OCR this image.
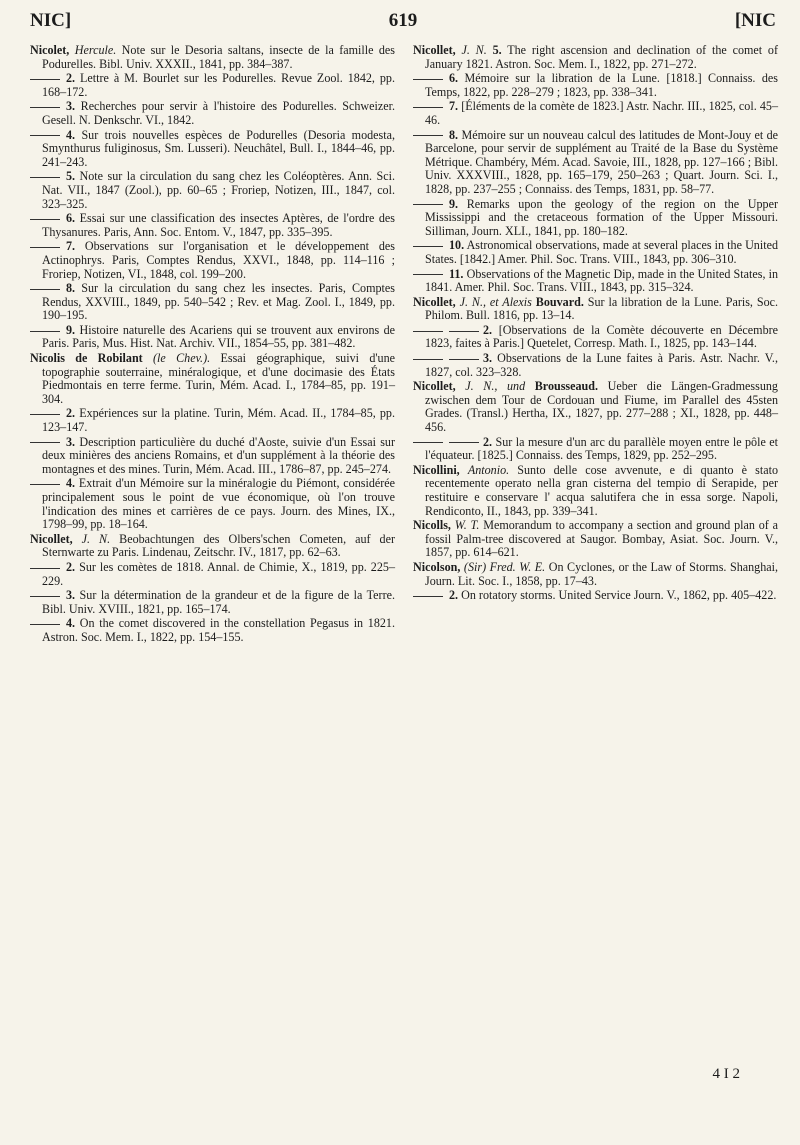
NIC]	619	[NIC
Nicolet, Hercule. Note sur le Desoria saltans, insecte de la famille des Podurelles. Bibl. Univ. XXXII., 1841, pp. 384–387.
2. Lettre à M. Bourlet sur les Podurelles. Revue Zool. 1842, pp. 168–172.
3. Recherches pour servir à l'histoire des Podurelles. Schweizer. Gesell. N. Denkschr. VI., 1842.
4. Sur trois nouvelles espèces de Podurelles (Desoria modesta, Smynthurus fuliginosus, Sm. Lusseri). Neuchâtel, Bull. I., 1844–46, pp. 241–243.
5. Note sur la circulation du sang chez les Coléoptères. Ann. Sci. Nat. VII., 1847 (Zool.), pp. 60–65 ; Froriep, Notizen, III., 1847, col. 323–325.
6. Essai sur une classification des insectes Aptères, de l'ordre des Thysanures. Paris, Ann. Soc. Entom. V., 1847, pp. 335–395.
7. Observations sur l'organisation et le développement des Actinophrys. Paris, Comptes Rendus, XXVI., 1848, pp. 114–116 ; Froriep, Notizen, VI., 1848, col. 199–200.
8. Sur la circulation du sang chez les insectes. Paris, Comptes Rendus, XXVIII., 1849, pp. 540–542 ; Rev. et Mag. Zool. I., 1849, pp. 190–195.
9. Histoire naturelle des Acariens qui se trouvent aux environs de Paris. Paris, Mus. Hist. Nat. Archiv. VII., 1854–55, pp. 381–482.
Nicolis de Robilant (le Chev.). Essai géographique, suivi d'une topographie souterraine, minéralogique, et d'une docimasie des États Piedmontais en terre ferme. Turin, Mém. Acad. I., 1784–85, pp. 191–304.
2. Expériences sur la platine. Turin, Mém. Acad. II., 1784–85, pp. 123–147.
3. Description particulière du duché d'Aoste, suivie d'un Essai sur deux minières des anciens Romains, et d'un supplément à la théorie des montagnes et des mines. Turin, Mém. Acad. III., 1786–87, pp. 245–274.
4. Extrait d'un Mémoire sur la minéralogie du Piémont, considérée principalement sous le point de vue économique, où l'on trouve l'indication des mines et carrières de ce pays. Journ. des Mines, IX., 1798–99, pp. 18–164.
Nicollet, J. N. Beobachtungen des Olbers'schen Cometen, auf der Sternwarte zu Paris. Lindenau, Zeitschr. IV., 1817, pp. 62–63.
2. Sur les comètes de 1818. Annal. de Chimie, X., 1819, pp. 225–229.
3. Sur la détermination de la grandeur et de la figure de la Terre. Bibl. Univ. XVIII., 1821, pp. 165–174.
4. On the comet discovered in the constellation Pegasus in 1821. Astron. Soc. Mem. I., 1822, pp. 154–155.
Nicollet, J. N. 5. The right ascension and declination of the comet of January 1821. Astron. Soc. Mem. I., 1822, pp. 271–272.
6. Mémoire sur la libration de la Lune. [1818.] Connaiss. des Temps, 1822, pp. 228–279 ; 1823, pp. 338–341.
7. [Éléments de la comète de 1823.] Astr. Nachr. III., 1825, col. 45–46.
8. Mémoire sur un nouveau calcul des latitudes de Mont-Jouy et de Barcelone, pour servir de supplément au Traité de la Base du Système Métrique. Chambéry, Mém. Acad. Savoie, III., 1828, pp. 127–166 ; Bibl. Univ. XXXVIII., 1828, pp. 165–179, 250–263 ; Quart. Journ. Sci. I., 1828, pp. 237–255 ; Connaiss. des Temps, 1831, pp. 58–77.
9. Remarks upon the geology of the region on the Upper Mississippi and the cretaceous formation of the Upper Missouri. Silliman, Journ. XLI., 1841, pp. 180–182.
10. Astronomical observations, made at several places in the United States. [1842.] Amer. Phil. Soc. Trans. VIII., 1843, pp. 306–310.
11. Observations of the Magnetic Dip, made in the United States, in 1841. Amer. Phil. Soc. Trans. VIII., 1843, pp. 315–324.
Nicollet, J. N., et Alexis Bouvard. Sur la libration de la Lune. Paris, Soc. Philom. Bull. 1816, pp. 13–14.
2. [Observations de la Comète découverte en Décembre 1823, faites à Paris.] Quetelet, Corresp. Math. I., 1825, pp. 143–144.
3. Observations de la Lune faites à Paris. Astr. Nachr. V., 1827, col. 323–328.
Nicollet, J. N., und Brousseaud. Ueber die Längen-Gradmessung zwischen dem Tour de Cordouan und Fiume, im Parallel des 45sten Grades. (Transl.) Hertha, IX., 1827, pp. 277–288 ; XI., 1828, pp. 448–456.
2. Sur la mesure d'un arc du parallèle moyen entre le pôle et l'équateur. [1825.] Connaiss. des Temps, 1829, pp. 252–295.
Nicollini, Antonio. Sunto delle cose avvenute, e di quanto è stato recentemente operato nella gran cisterna del tempio di Serapide, per restituire e conservare l' acqua salutifera che in essa sorge. Napoli, Rendiconto, II., 1843, pp. 339–341.
Nicolls, W. T. Memorandum to accompany a section and ground plan of a fossil Palm-tree discovered at Saugor. Bombay, Asiat. Soc. Journ. V., 1857, pp. 614–621.
Nicolson, (Sir) Fred. W. E. On Cyclones, or the Law of Storms. Shanghai, Journ. Lit. Soc. I., 1858, pp. 17–43.
2. On rotatory storms. United Service Journ. V., 1862, pp. 405–422.
4 I 2
